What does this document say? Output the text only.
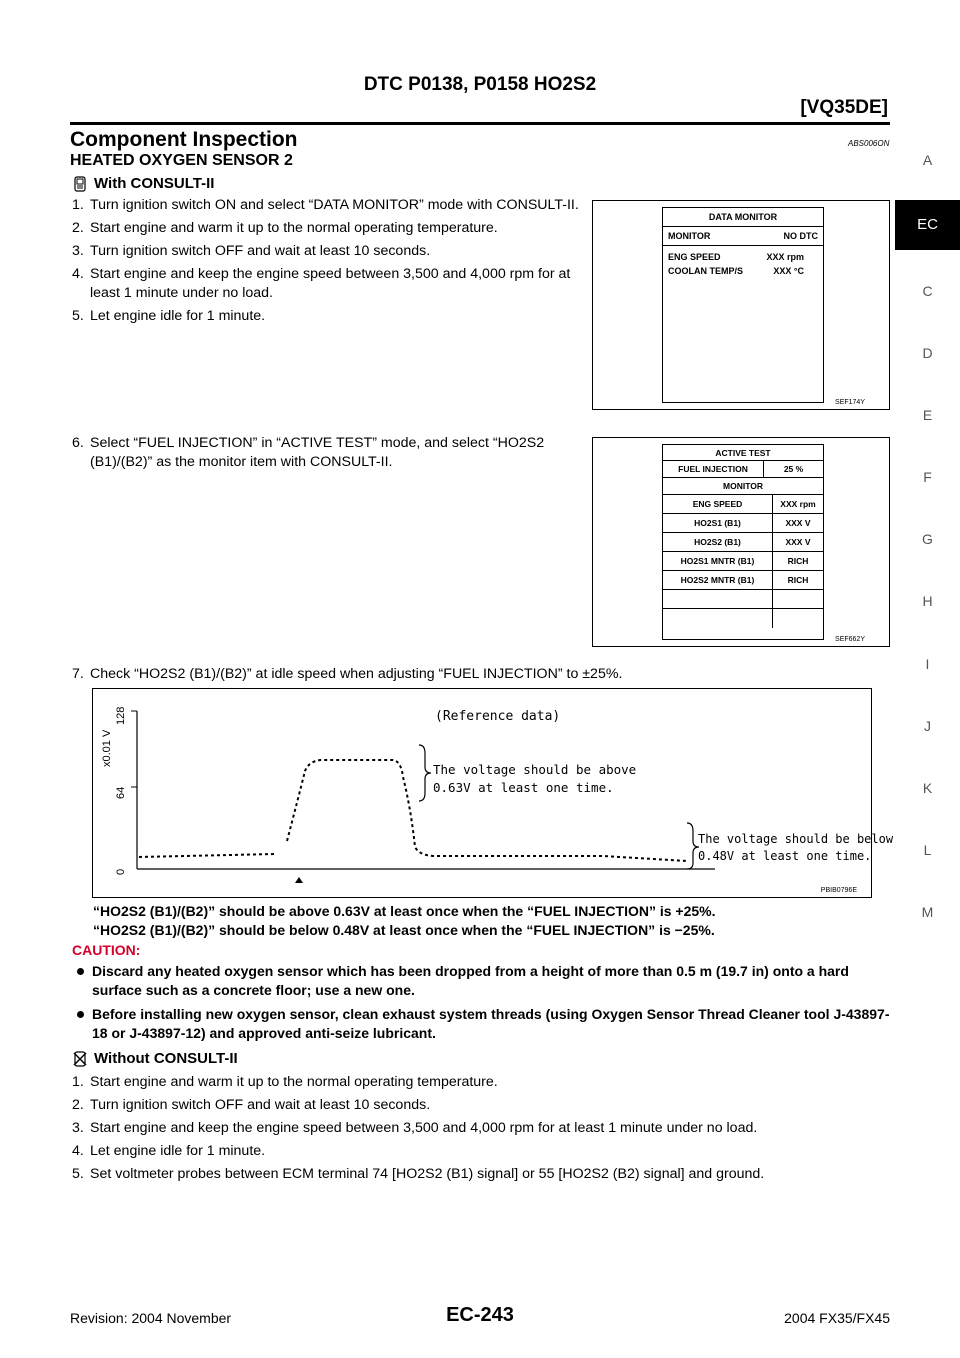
DTC P0138, P0158 HO2S2
[VQ35DE]
A
EC
C
D
E
F
G
H
I
J
K
L
M
Component Inspection	ABS006ON
HEATED OXYGEN SENSOR 2
With CONSULT-II
1. Turn ignition switch ON and select “DATA MONITOR” mode with CONSULT-II.
2. Start engine and warm it up to the normal operating temperature.
3. Turn ignition switch OFF and wait at least 10 seconds.
4. Start engine and keep the engine speed between 3,500 and 4,000 rpm for at least 1 minute under no load.
5. Let engine idle for 1 minute.
DATA MONITOR
MONITOR	NO DTC
ENG SPEED	XXX rpm
COOLAN TEMP/S	XXX °C
SEF174Y
6. Select “FUEL INJECTION” in “ACTIVE TEST” mode, and select “HO2S2 (B1)/(B2)” as the monitor item with CONSULT-II.
ACTIVE TEST
FUEL INJECTION	25 %
MONITOR
ENG SPEED	XXX rpm
HO2S1 (B1)	XXX V
HO2S2 (B1)	XXX V
HO2S1 MNTR (B1)	RICH
HO2S2 MNTR (B1)	RICH
SEF662Y
7. Check “HO2S2 (B1)/(B2)” at idle speed when adjusting “FUEL INJECTION” to ±25%.
x0.01 V
128
64
0
(Reference data)
The voltage should be above
0.63V at least one time.
The voltage should be below
0.48V at least one time.
PBIB0796E
“HO2S2 (B1)/(B2)” should be above 0.63V at least once when the “FUEL INJECTION” is +25%.
“HO2S2 (B1)/(B2)” should be below 0.48V at least once when the “FUEL INJECTION” is −25%.
CAUTION:
Discard any heated oxygen sensor which has been dropped from a height of more than 0.5 m (19.7 in) onto a hard surface such as a concrete floor; use a new one.
Before installing new oxygen sensor, clean exhaust system threads (using Oxygen Sensor Thread Cleaner tool J-43897-18 or J-43897-12) and approved anti-seize lubricant.
Without CONSULT-II
1. Start engine and warm it up to the normal operating temperature.
2. Turn ignition switch OFF and wait at least 10 seconds.
3. Start engine and keep the engine speed between 3,500 and 4,000 rpm for at least 1 minute under no load.
4. Let engine idle for 1 minute.
5. Set voltmeter probes between ECM terminal 74 [HO2S2 (B1) signal] or 55 [HO2S2 (B2) signal] and ground.
Revision: 2004 November	EC-243	2004 FX35/FX45
